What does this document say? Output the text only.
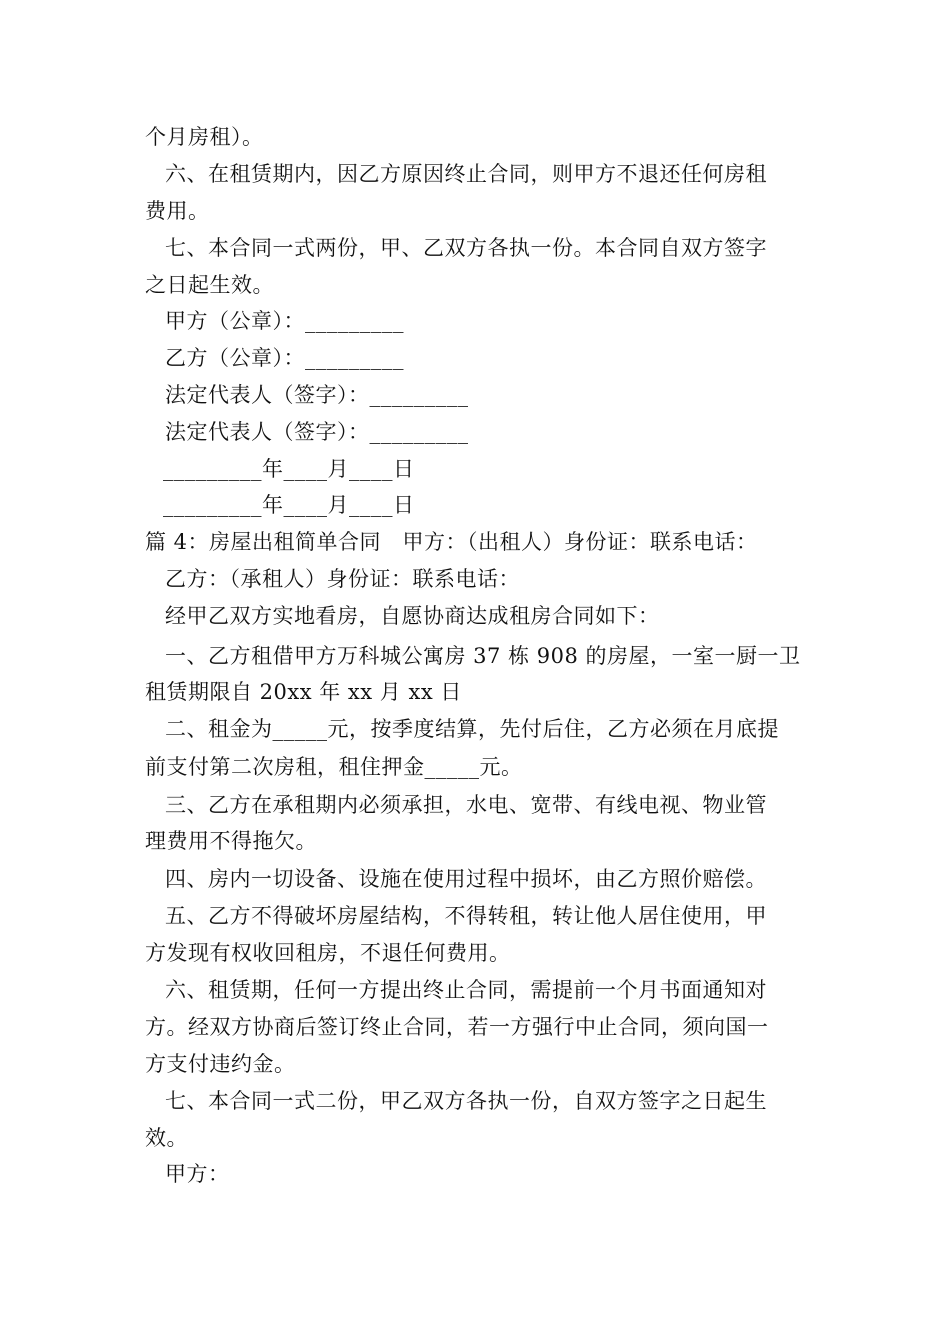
个月房租）。
六、在租赁期内，因乙方原因终止合同，则甲方不退还任何房租
费用。
七、本合同一式两份，甲、乙双方各执一份。本合同自双方签字
之日起生效。
甲方（公章）：_________
乙方（公章）：_________
法定代表人（签字）：_________
法定代表人（签字）：_________
_________年____月____日
_________年____月____日
篇 4：房屋出租简单合同　甲方：（出租人）身份证：联系电话：
乙方：（承租人）身份证：联系电话：
经甲乙双方实地看房，自愿协商达成租房合同如下：
一、乙方租借甲方万科城公寓房 37 栋 908 的房屋，一室一厨一卫
租赁期限自 20xx 年 xx 月 xx 日
二、租金为_____元，按季度结算，先付后住，乙方必须在月底提
前支付第二次房租，租住押金_____元。
三、乙方在承租期内必须承担，水电、宽带、有线电视、物业管
理费用不得拖欠。
四、房内一切设备、设施在使用过程中损坏，由乙方照价赔偿。
五、乙方不得破坏房屋结构，不得转租，转让他人居住使用，甲
方发现有权收回租房，不退任何费用。
六、租赁期，任何一方提出终止合同，需提前一个月书面通知对
方。经双方协商后签订终止合同，若一方强行中止合同，须向国一
方支付违约金。
七、本合同一式二份，甲乙双方各执一份，自双方签字之日起生
效。
甲方：
